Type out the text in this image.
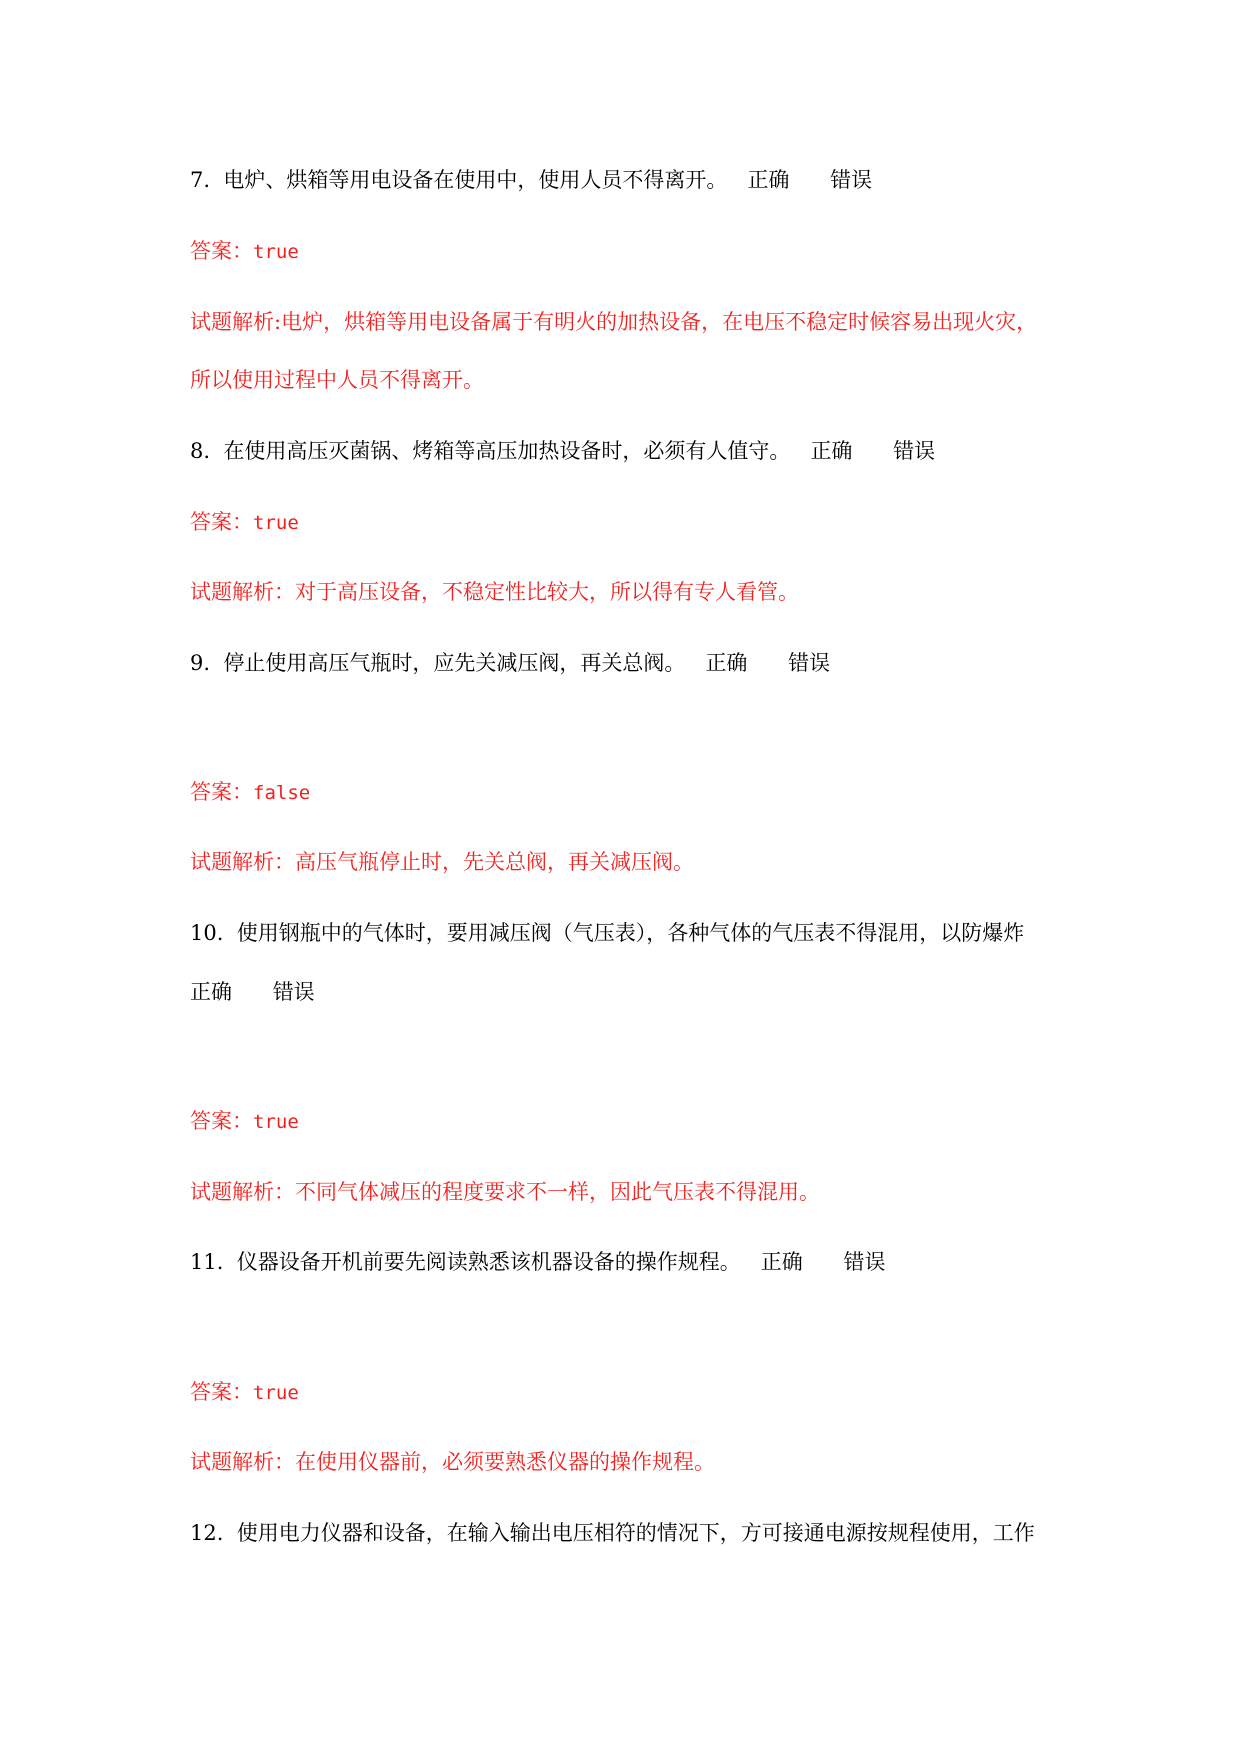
7. 电炉、烘箱等用电设备在使用中，使用人员不得离开。 正确 错误
答案：true
试题解析:电炉，烘箱等用电设备属于有明火的加热设备，在电压不稳定时候容易出现火灾，
所以使用过程中人员不得离开。
8. 在使用高压灭菌锅、烤箱等高压加热设备时，必须有人值守。 正确 错误
答案：true
试题解析：对于高压设备，不稳定性比较大，所以得有专人看管。
9. 停止使用高压气瓶时，应先关减压阀，再关总阀。 正确 错误
答案：false
试题解析：高压气瓶停止时，先关总阀，再关减压阀。
10. 使用钢瓶中的气体时，要用减压阀（气压表），各种气体的气压表不得混用，以防爆炸
正确 错误
答案：true
试题解析：不同气体减压的程度要求不一样，因此气压表不得混用。
11. 仪器设备开机前要先阅读熟悉该机器设备的操作规程。 正确 错误
答案：true
试题解析：在使用仪器前，必须要熟悉仪器的操作规程。
12. 使用电力仪器和设备，在输入输出电压相符的情况下，方可接通电源按规程使用，工作
